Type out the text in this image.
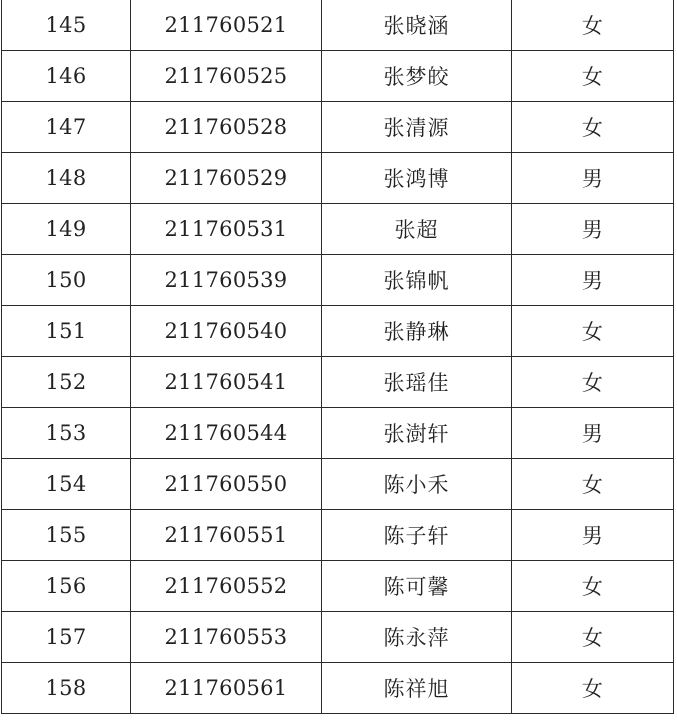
145	211760521	张晓涵	女
146	211760525	张梦皎	女
147	211760528	张清源	女
148	211760529	张鸿博	男
149	211760531	张超	男
150	211760539	张锦帆	男
151	211760540	张静琳	女
152	211760541	张瑶佳	女
153	211760544	张澍轩	男
154	211760550	陈小禾	女
155	211760551	陈子轩	男
156	211760552	陈可馨	女
157	211760553	陈永萍	女
158	211760561	陈祥旭	女
